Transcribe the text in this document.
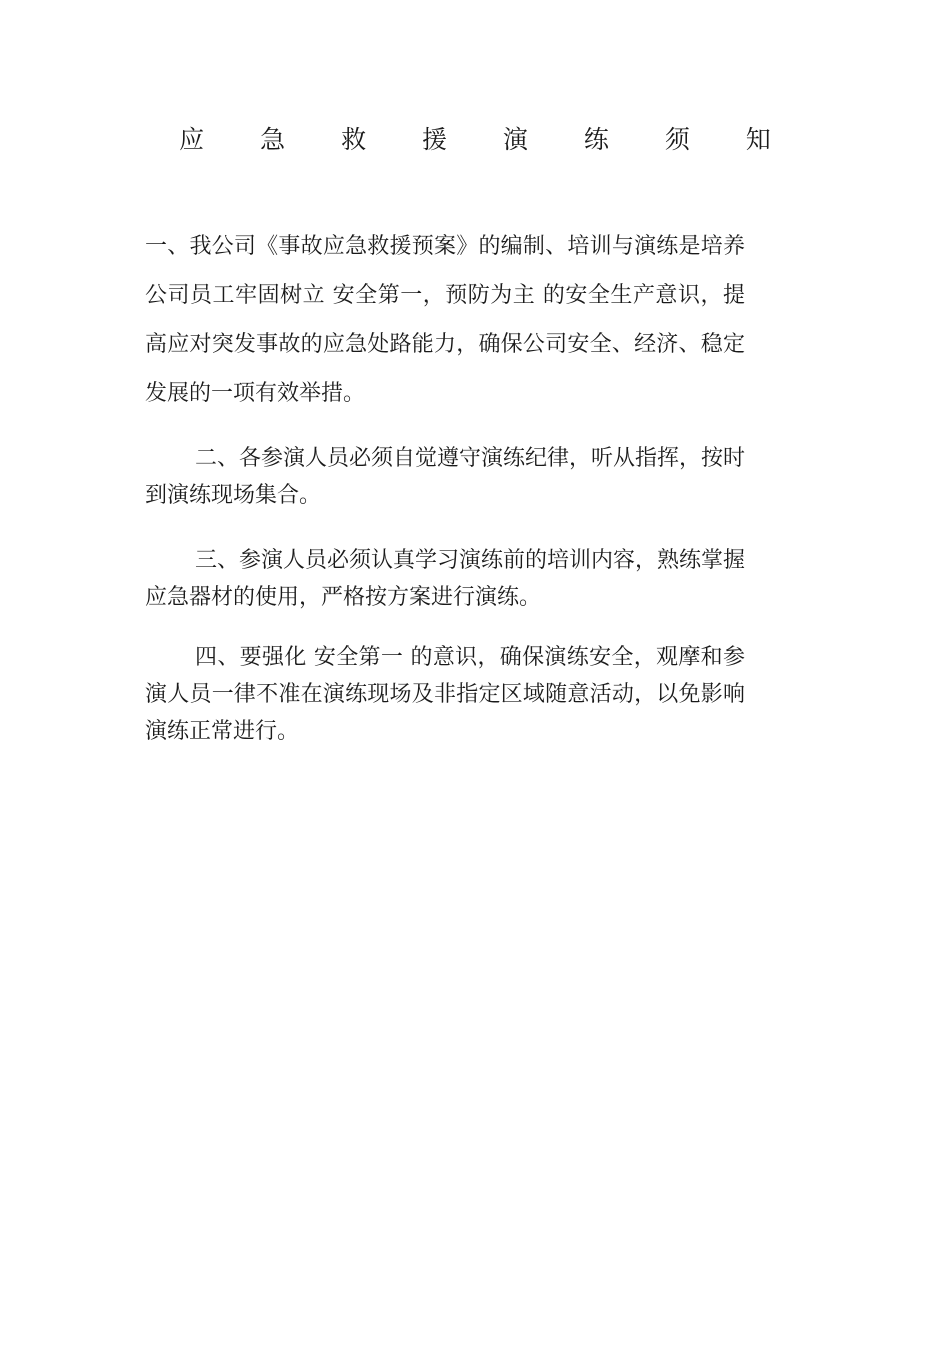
应 急 救 援 演 练 须 知

一、我公司《事故应急救援预案》的编制、培训与演练是培养公司员工牢固树立 安全第一，预防为主 的安全生产意识，提高应对突发事故的应急处路能力，确保公司安全、经济、稳定发展的一项有效举措。

二、各参演人员必须自觉遵守演练纪律，听从指挥，按时到演练现场集合。

三、参演人员必须认真学习演练前的培训内容，熟练掌握应急器材的使用，严格按方案进行演练。

四、要强化 安全第一 的意识，确保演练安全，观摩和参演人员一律不准在演练现场及非指定区域随意活动，以免影响演练正常进行。
